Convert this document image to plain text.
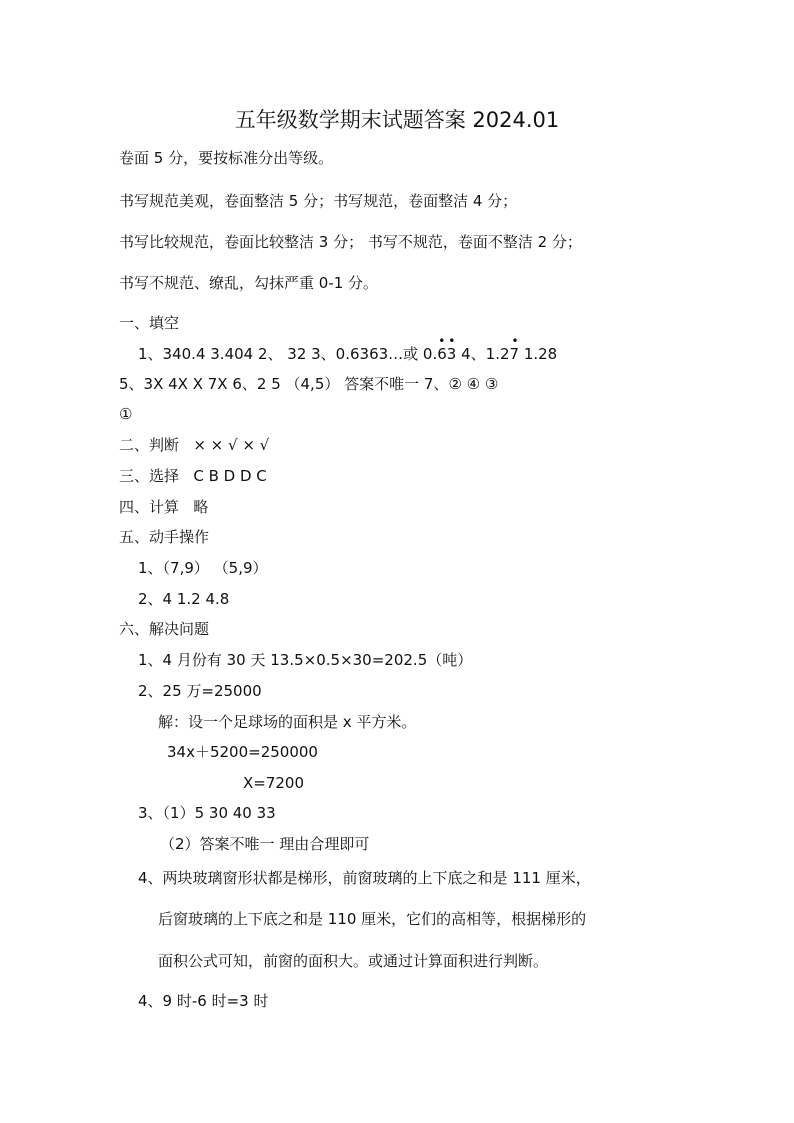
五年级数学期末试题答案 2024.01
卷面 5 分，要按标准分出等级。
书写规范美观，卷面整洁 5 分；书写规范，卷面整洁 4 分；
书写比较规范，卷面比较整洁 3 分； 书写不规范，卷面不整洁 2 分；
书写不规范、缭乱，勾抹严重 0-1 分。
一、填空
1、340.4 3.404 2、 32 3、0.6363…或 0.
• •
63 4、1.2
•
7 1.28
5、3X 4X X 7X 6、2 5 （4,5） 答案不唯一 7、② ④ ③
①
二、判断 × × √ × √
三、选择 C B D D C
四、计算 略
五、动手操作
1、（7,9） （5,9）
2、4 1.2 4.8
六、解决问题
1、4 月份有 30 天 13.5×0.5×30=202.5（吨）
2、25 万=25000
解：设一个足球场的面积是 x 平方米。
34x＋5200=250000
X=7200
3、（1）5 30 40 33
（2）答案不唯一 理由合理即可
4、两块玻璃窗形状都是梯形，前窗玻璃的上下底之和是 111 厘米，
后窗玻璃的上下底之和是 110 厘米，它们的高相等，根据梯形的
面积公式可知，前窗的面积大。或通过计算面积进行判断。
4、9 时-6 时=3 时
